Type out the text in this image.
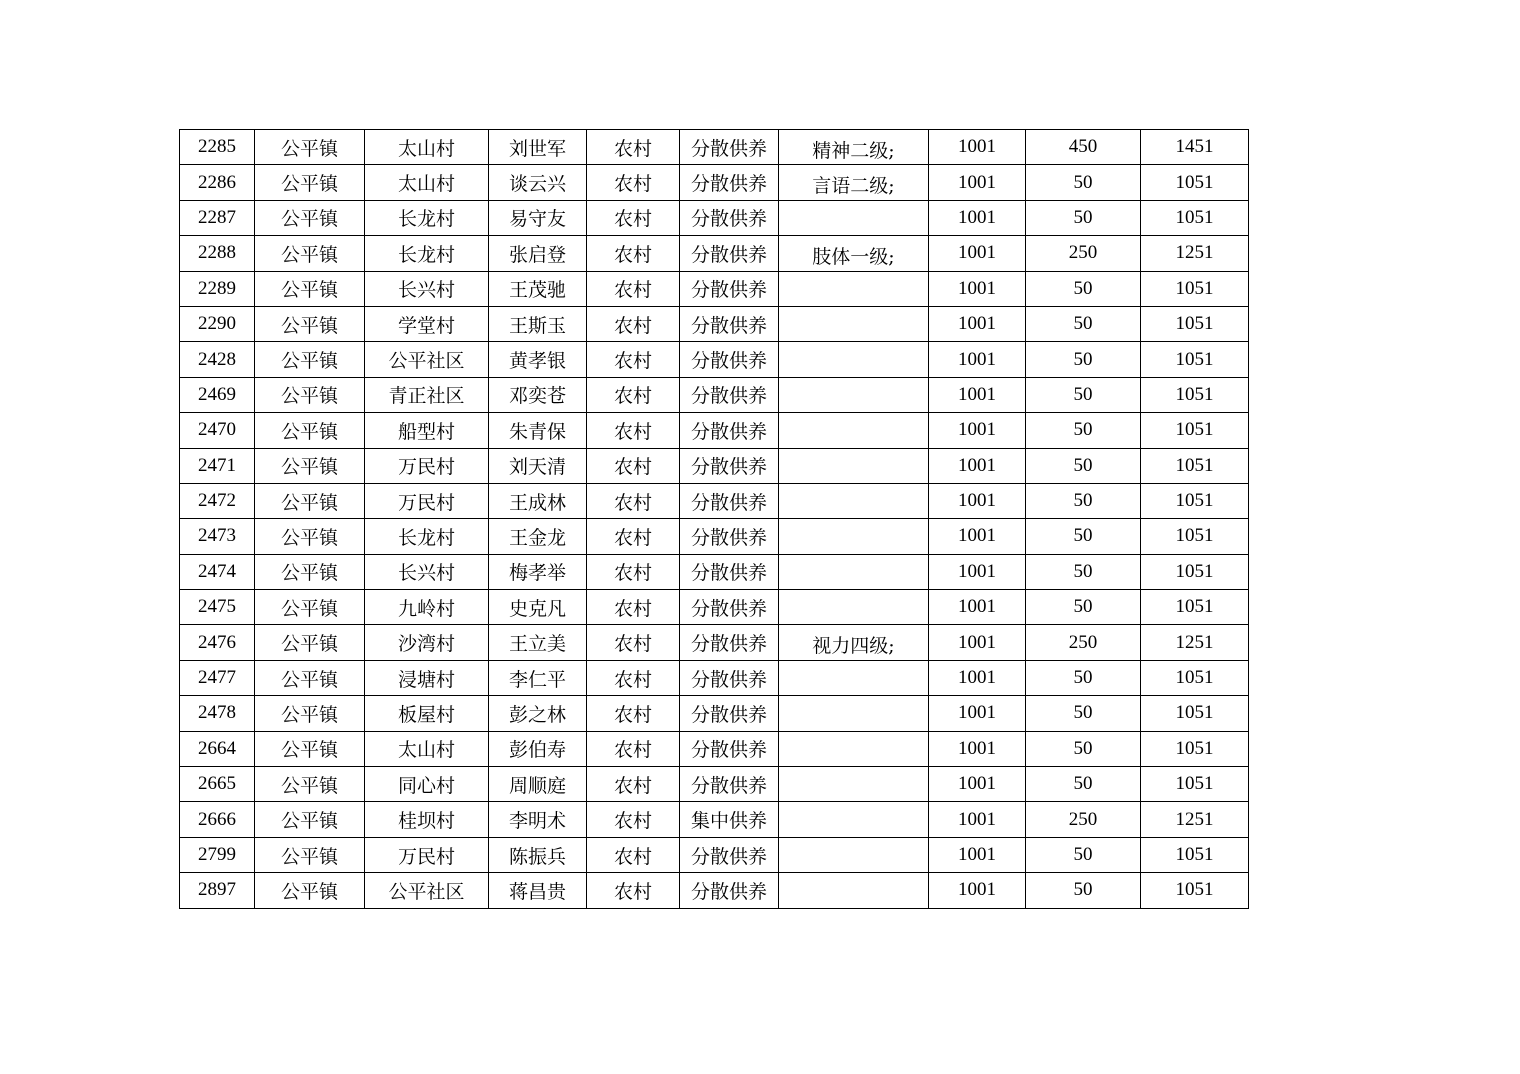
2285	公平镇	太山村	刘世军	农村	分散供养	精神二级;	1001	450	1451
2286	公平镇	太山村	谈云兴	农村	分散供养	言语二级;	1001	50	1051
2287	公平镇	长龙村	易守友	农村	分散供养		1001	50	1051
2288	公平镇	长龙村	张启登	农村	分散供养	肢体一级;	1001	250	1251
2289	公平镇	长兴村	王茂驰	农村	分散供养		1001	50	1051
2290	公平镇	学堂村	王斯玉	农村	分散供养		1001	50	1051
2428	公平镇	公平社区	黄孝银	农村	分散供养		1001	50	1051
2469	公平镇	青正社区	邓奕苍	农村	分散供养		1001	50	1051
2470	公平镇	船型村	朱青保	农村	分散供养		1001	50	1051
2471	公平镇	万民村	刘天清	农村	分散供养		1001	50	1051
2472	公平镇	万民村	王成林	农村	分散供养		1001	50	1051
2473	公平镇	长龙村	王金龙	农村	分散供养		1001	50	1051
2474	公平镇	长兴村	梅孝举	农村	分散供养		1001	50	1051
2475	公平镇	九岭村	史克凡	农村	分散供养		1001	50	1051
2476	公平镇	沙湾村	王立美	农村	分散供养	视力四级;	1001	250	1251
2477	公平镇	浸塘村	李仁平	农村	分散供养		1001	50	1051
2478	公平镇	板屋村	彭之林	农村	分散供养		1001	50	1051
2664	公平镇	太山村	彭伯寿	农村	分散供养		1001	50	1051
2665	公平镇	同心村	周顺庭	农村	分散供养		1001	50	1051
2666	公平镇	桂坝村	李明术	农村	集中供养		1001	250	1251
2799	公平镇	万民村	陈振兵	农村	分散供养		1001	50	1051
2897	公平镇	公平社区	蒋昌贵	农村	分散供养		1001	50	1051
